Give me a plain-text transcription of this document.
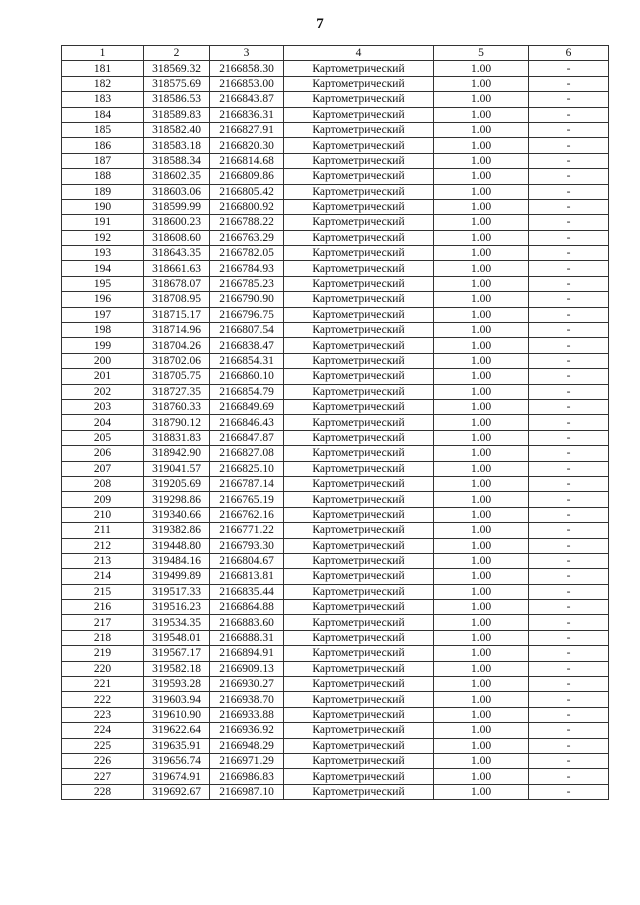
7
1	2	3	4	5	6
181	318569.32	2166858.30	Картометрический	1.00	-
182	318575.69	2166853.00	Картометрический	1.00	-
183	318586.53	2166843.87	Картометрический	1.00	-
184	318589.83	2166836.31	Картометрический	1.00	-
185	318582.40	2166827.91	Картометрический	1.00	-
186	318583.18	2166820.30	Картометрический	1.00	-
187	318588.34	2166814.68	Картометрический	1.00	-
188	318602.35	2166809.86	Картометрический	1.00	-
189	318603.06	2166805.42	Картометрический	1.00	-
190	318599.99	2166800.92	Картометрический	1.00	-
191	318600.23	2166788.22	Картометрический	1.00	-
192	318608.60	2166763.29	Картометрический	1.00	-
193	318643.35	2166782.05	Картометрический	1.00	-
194	318661.63	2166784.93	Картометрический	1.00	-
195	318678.07	2166785.23	Картометрический	1.00	-
196	318708.95	2166790.90	Картометрический	1.00	-
197	318715.17	2166796.75	Картометрический	1.00	-
198	318714.96	2166807.54	Картометрический	1.00	-
199	318704.26	2166838.47	Картометрический	1.00	-
200	318702.06	2166854.31	Картометрический	1.00	-
201	318705.75	2166860.10	Картометрический	1.00	-
202	318727.35	2166854.79	Картометрический	1.00	-
203	318760.33	2166849.69	Картометрический	1.00	-
204	318790.12	2166846.43	Картометрический	1.00	-
205	318831.83	2166847.87	Картометрический	1.00	-
206	318942.90	2166827.08	Картометрический	1.00	-
207	319041.57	2166825.10	Картометрический	1.00	-
208	319205.69	2166787.14	Картометрический	1.00	-
209	319298.86	2166765.19	Картометрический	1.00	-
210	319340.66	2166762.16	Картометрический	1.00	-
211	319382.86	2166771.22	Картометрический	1.00	-
212	319448.80	2166793.30	Картометрический	1.00	-
213	319484.16	2166804.67	Картометрический	1.00	-
214	319499.89	2166813.81	Картометрический	1.00	-
215	319517.33	2166835.44	Картометрический	1.00	-
216	319516.23	2166864.88	Картометрический	1.00	-
217	319534.35	2166883.60	Картометрический	1.00	-
218	319548.01	2166888.31	Картометрический	1.00	-
219	319567.17	2166894.91	Картометрический	1.00	-
220	319582.18	2166909.13	Картометрический	1.00	-
221	319593.28	2166930.27	Картометрический	1.00	-
222	319603.94	2166938.70	Картометрический	1.00	-
223	319610.90	2166933.88	Картометрический	1.00	-
224	319622.64	2166936.92	Картометрический	1.00	-
225	319635.91	2166948.29	Картометрический	1.00	-
226	319656.74	2166971.29	Картометрический	1.00	-
227	319674.91	2166986.83	Картометрический	1.00	-
228	319692.67	2166987.10	Картометрический	1.00	-
